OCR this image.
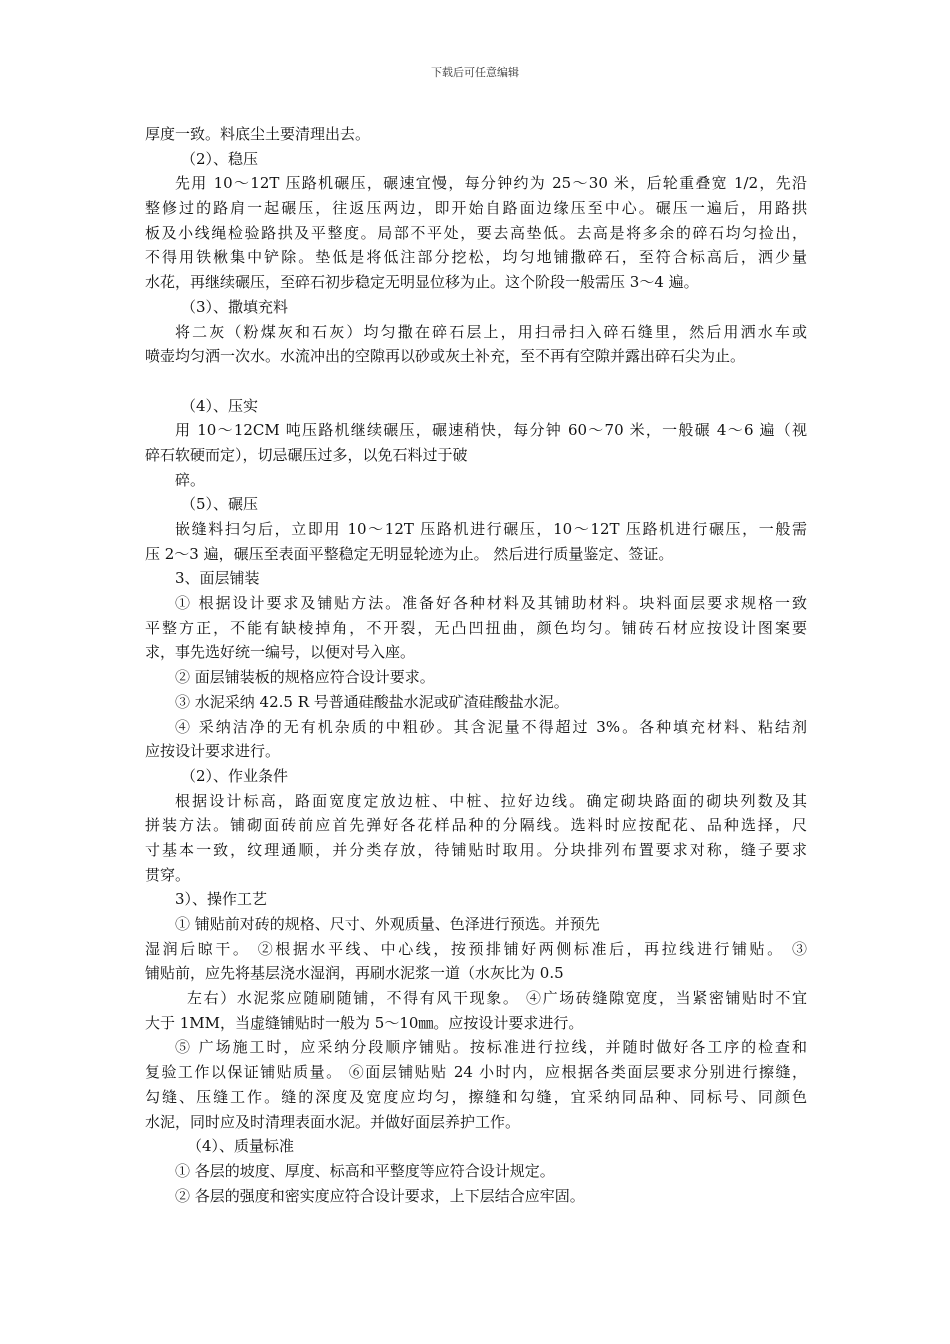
下载后可任意编辑
厚度一致。料底尘土要清理出去。
（2）、稳压
先用 10～12T 压路机碾压，碾速宜慢，每分钟约为 25～30 米，后轮重叠宽 1/2，先沿
整修过的路肩一起碾压，往返压两边，即开始自路面边缘压至中心。碾压一遍后，用路拱
板及小线绳检验路拱及平整度。局部不平处，要去高垫低。去高是将多余的碎石均匀捡出，
不得用铁楸集中铲除。垫低是将低注部分挖松，均匀地铺撒碎石，至符合标高后，洒少量
水花，再继续碾压，至碎石初步稳定无明显位移为止。这个阶段一般需压 3～4 遍。
（3）、撒填充料
将二灰（粉煤灰和石灰）均匀撒在碎石层上，用扫帚扫入碎石缝里，然后用洒水车或
喷壶均匀洒一次水。水流冲出的空隙再以砂或灰土补充，至不再有空隙并露出碎石尖为止。
（4）、压实
用 10～12CM 吨压路机继续碾压，碾速稍快，每分钟 60～70 米，一般碾 4～6 遍（视
碎石软硬而定），切忌碾压过多，以免石料过于破
碎。
（5）、碾压
嵌缝料扫匀后，立即用 10～12T 压路机进行碾压，10～12T 压路机进行碾压，一般需
压 2～3 遍，碾压至表面平整稳定无明显轮迹为止。 然后进行质量鉴定、签证。
3、面层铺装
① 根据设计要求及铺贴方法。准备好各种材料及其铺助材料。块料面层要求规格一致
平整方正，不能有缺棱掉角，不开裂，无凸凹扭曲，颜色均匀。铺砖石材应按设计图案要
求，事先选好统一编号，以便对号入座。
② 面层铺装板的规格应符合设计要求。
③ 水泥采纳 42.5 R 号普通硅酸盐水泥或矿渣硅酸盐水泥。
④ 采纳洁净的无有机杂质的中粗砂。其含泥量不得超过 3%。各种填充材料、粘结剂
应按设计要求进行。
（2）、作业条件
根据设计标高，路面宽度定放边桩、中桩、拉好边线。确定砌块路面的砌块列数及其
拼装方法。铺砌面砖前应首先弹好各花样品种的分隔线。选料时应按配花、品种选择，尺
寸基本一致，纹理通顺，并分类存放，待铺贴时取用。分块排列布置要求对称，缝子要求
贯穿。
3）、操作工艺
① 铺贴前对砖的规格、尺寸、外观质量、色泽进行预选。并预先
湿润后晾干。 ②根据水平线、中心线，按预排铺好两侧标准后，再拉线进行铺贴。 ③
铺贴前，应先将基层浇水湿润，再刷水泥浆一道（水灰比为 0.5
左右）水泥浆应随刷随铺，不得有风干现象。 ④广场砖缝隙宽度，当紧密铺贴时不宜
大于 1MM，当虚缝铺贴时一般为 5～10㎜。应按设计要求进行。
⑤ 广场施工时，应采纳分段顺序铺贴。按标准进行拉线，并随时做好各工序的检查和
复验工作以保证铺贴质量。 ⑥面层铺贴贴 24 小时内，应根据各类面层要求分别进行擦缝，
勾缝、压缝工作。缝的深度及宽度应均匀，擦缝和勾缝，宜采纳同品种、同标号、同颜色
水泥，同时应及时清理表面水泥。并做好面层养护工作。
（4）、质量标准
① 各层的坡度、厚度、标高和平整度等应符合设计规定。
② 各层的强度和密实度应符合设计要求，上下层结合应牢固。
